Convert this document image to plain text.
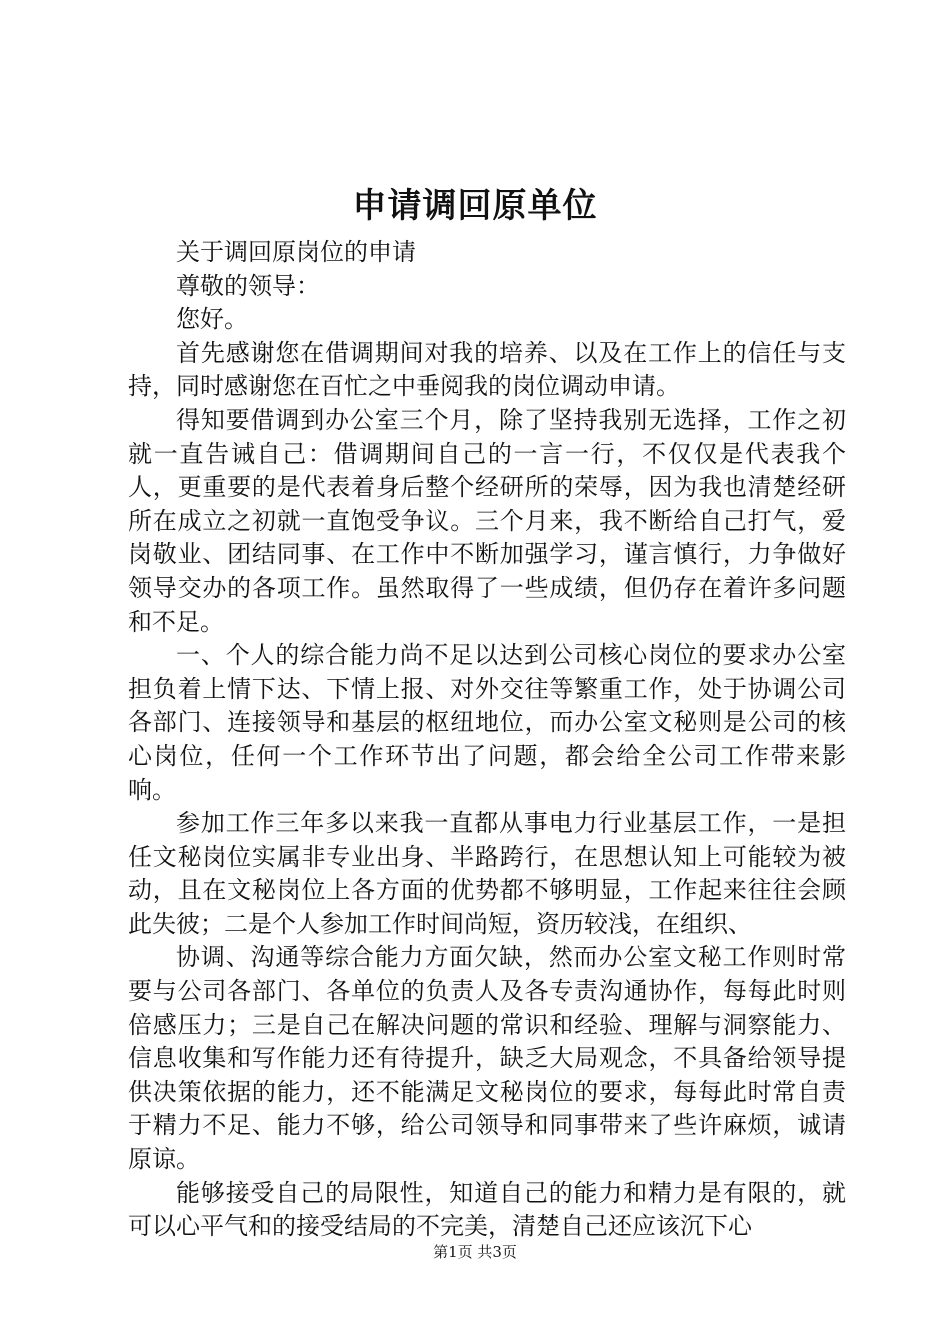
申请调回原单位

关于调回原岗位的申请

尊敬的领导：

您好。

首先感谢您在借调期间对我的培养、以及在工作上的信任与支持，同时感谢您在百忙之中垂阅我的岗位调动申请。

得知要借调到办公室三个月，除了坚持我别无选择，工作之初就一直告诫自己：借调期间自己的一言一行，不仅仅是代表我个人，更重要的是代表着身后整个经研所的荣辱，因为我也清楚经研所在成立之初就一直饱受争议。三个月来，我不断给自己打气，爱岗敬业、团结同事、在工作中不断加强学习，谨言慎行，力争做好领导交办的各项工作。虽然取得了一些成绩，但仍存在着许多问题和不足。

一、个人的综合能力尚不足以达到公司核心岗位的要求办公室担负着上情下达、下情上报、对外交往等繁重工作，处于协调公司各部门、连接领导和基层的枢纽地位，而办公室文秘则是公司的核心岗位，任何一个工作环节出了问题，都会给全公司工作带来影响。

参加工作三年多以来我一直都从事电力行业基层工作，一是担任文秘岗位实属非专业出身、半路跨行，在思想认知上可能较为被动，且在文秘岗位上各方面的优势都不够明显，工作起来往往会顾此失彼；二是个人参加工作时间尚短，资历较浅，在组织、

协调、沟通等综合能力方面欠缺，然而办公室文秘工作则时常要与公司各部门、各单位的负责人及各专责沟通协作，每每此时则倍感压力；三是自己在解决问题的常识和经验、理解与洞察能力、信息收集和写作能力还有待提升，缺乏大局观念，不具备给领导提供决策依据的能力，还不能满足文秘岗位的要求，每每此时常自责于精力不足、能力不够，给公司领导和同事带来了些许麻烦，诚请原谅。

能够接受自己的局限性，知道自己的能力和精力是有限的，就可以心平气和的接受结局的不完美，清楚自己还应该沉下心

第1页 共3页
